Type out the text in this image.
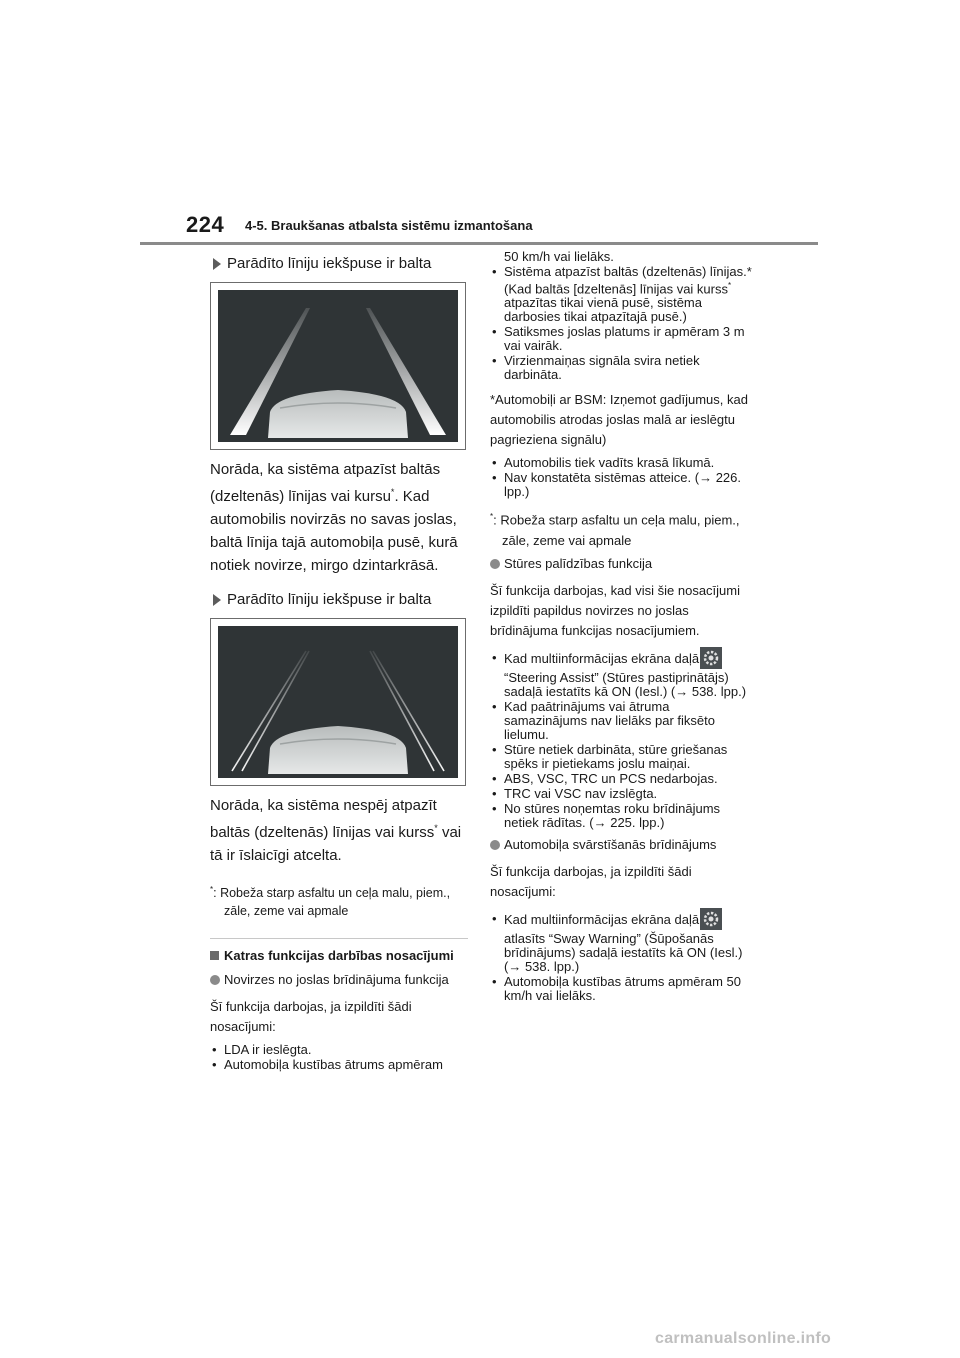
224 4-5. Braukšanas atbalsta sistēmu izmantošana
Parādīto līniju iekšpuse ir balta

Norāda, ka sistēma atpazīst baltās (dzeltenās) līnijas vai kursu*. Kad automobilis novirzās no savas joslas, baltā līnija tajā automobiļa pusē, kurā notiek novirze, mirgo dzintarkrāsā.

Parādīto līniju iekšpuse ir balta

Norāda, ka sistēma nespēj atpazīt baltās (dzeltenās) līnijas vai kurss* vai tā ir īslaicīgi atcelta.

*: Robeža starp asfaltu un ceļa malu, piem., zāle, zeme vai apmale

Katras funkcijas darbības nosacījumi
Novirzes no joslas brīdinājuma funkcija

Šī funkcija darbojas, ja izpildīti šādi nosacījumi:

• LDA ir ieslēgta.
• Automobiļa kustības ātrums apmēram
50 km/h vai lielāks.
• Sistēma atpazīst baltās (dzeltenās) līnijas.* (Kad baltās [dzeltenās] līnijas vai kurss* atpazītas tikai vienā pusē, sistēma darbosies tikai atpazītajā pusē.)
• Satiksmes joslas platums ir apmēram 3 m vai vairāk.
• Virzienmaiņas signāla svira netiek darbināta.

*Automobiļi ar BSM: Izņemot gadījumus, kad automobilis atrodas joslas malā ar ieslēgtu pagrieziena signālu)

• Automobilis tiek vadīts krasā līkumā.
• Nav konstatēta sistēmas atteice. (→ 226. lpp.)

*: Robeža starp asfaltu un ceļa malu, piem., zāle, zeme vai apmale

Stūres palīdzības funkcija

Šī funkcija darbojas, kad visi šie nosacījumi izpildīti papildus novirzes no joslas brīdinājuma funkcijas nosacījumiem.

• Kad multiinformācijas ekrāna daļā
“Steering Assist” (Stūres pastiprinātājs) sadaļā iestatīts kā ON (Iesl.) (→ 538. lpp.)
• Kad paātrinājums vai ātruma samazinājums nav lielāks par fiksēto lielumu.
• Stūre netiek darbināta, stūre griešanas spēks ir pietiekams joslu maiņai.
• ABS, VSC, TRC un PCS nedarbojas.
• TRC vai VSC nav izslēgta.
• No stūres noņemtas roku brīdinājums netiek rādītas. (→ 225. lpp.)
Automobiļa svārstīšanās brīdinājums

Šī funkcija darbojas, ja izpildīti šādi nosacījumi:

• Kad multiinformācijas ekrāna daļā
atlasīts “Sway Warning” (Šūpošanās brīdinājums) sadaļā iestatīts kā ON (Iesl.) (→ 538. lpp.)
• Automobiļa kustības ātrums apmēram 50 km/h vai lielāks.
carmanualsonline.info
